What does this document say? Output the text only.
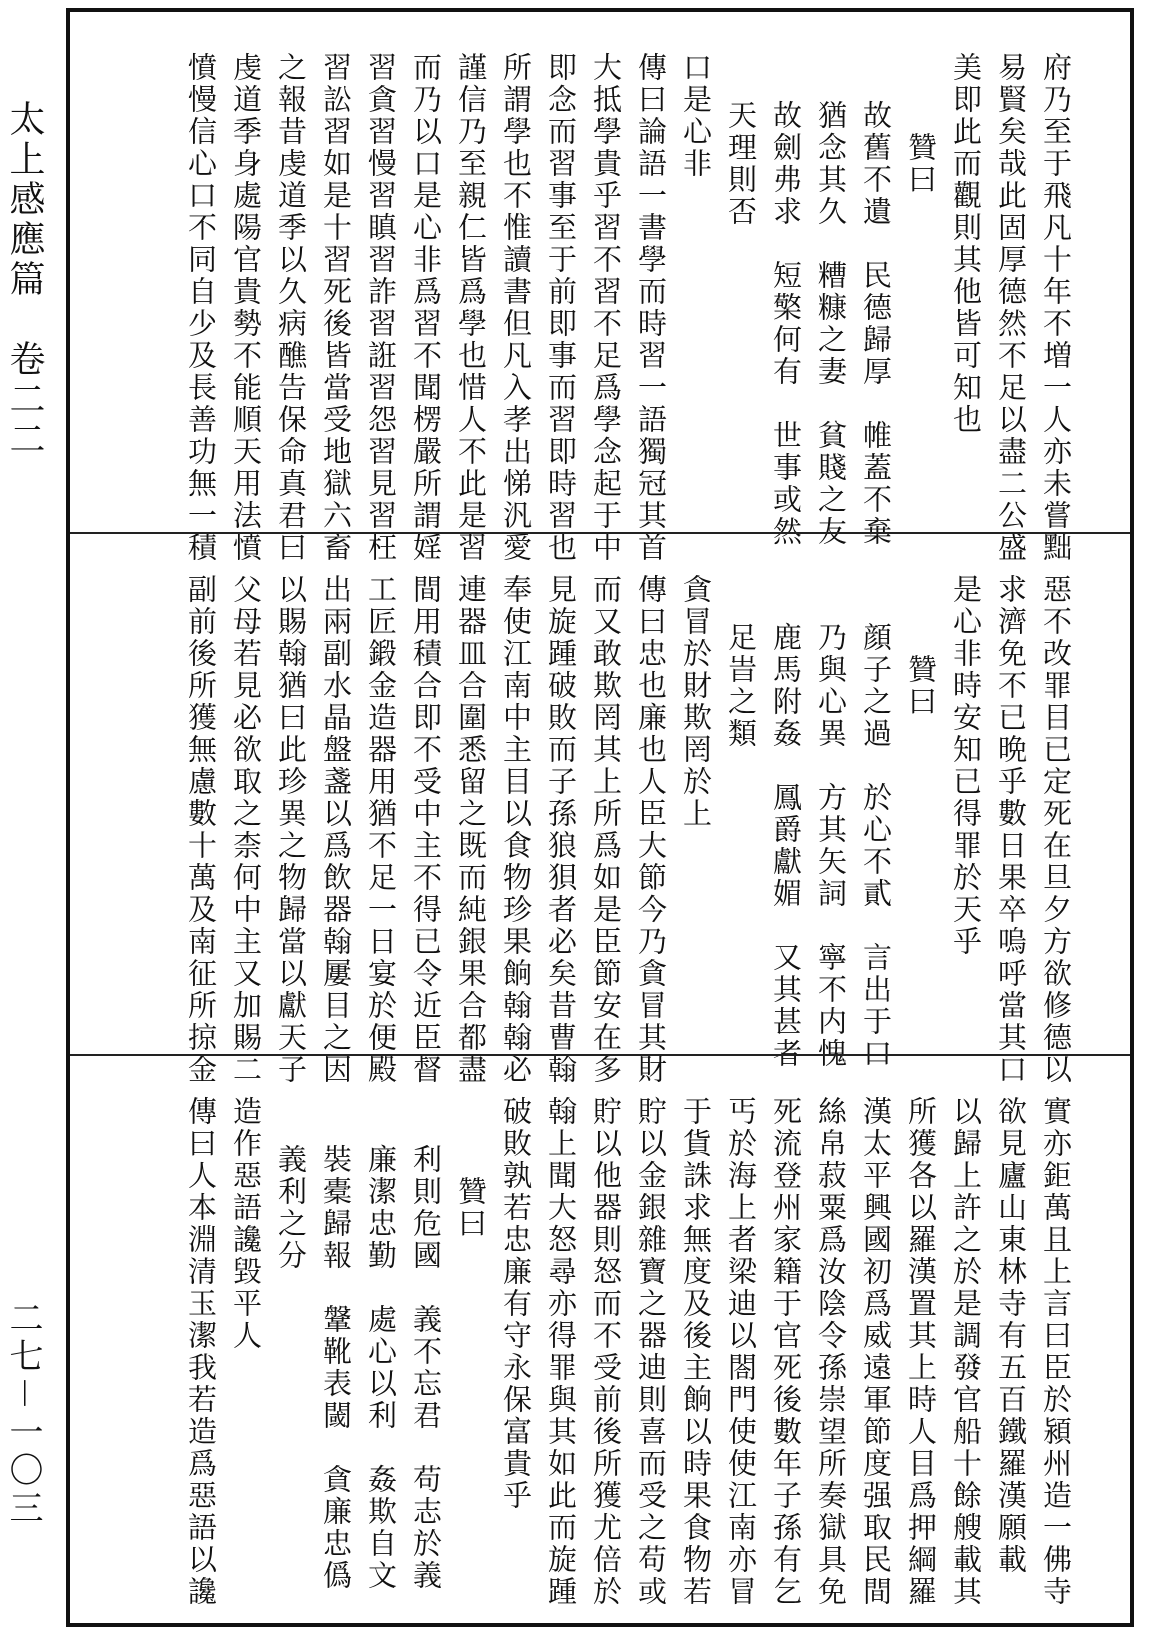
太上感應篇　卷二二
二七－一〇三
府乃至于飛凡十年不増一人亦未嘗黜
易賢矣哉此固厚德然不足以盡二公盛
美即此而觀則其他皆可知也
贊曰
故舊不遺　民德歸厚　帷蓋不棄
猶念其久　糟糠之妻　貧賤之友
故劍弗求　短檠何有　世事或然
天理則否
口是心非
傳曰論語一書學而時習一語獨冠其首
大抵學貴乎習不習不足爲學念起于中
即念而習事至于前即事而習即時習也
所謂學也不惟讀書但凡入孝出悌汎愛
謹信乃至親仁皆爲學也惜人不此是習
而乃以口是心非爲習不聞楞嚴所謂婬
習貪習慢習瞋習詐習誑習怨習見習枉
習訟習如是十習死後皆當受地獄六畜
之報昔虔道季以久病醮告保命真君曰
虔道季身處陽官貴勢不能順天用法憤
憤慢信心口不同自少及長善功無一積
惡不改罪目已定死在旦夕方欲修德以
求濟免不已晩乎數日果卒嗚呼當其口
是心非時安知已得罪於天乎
贊曰
顔子之過　於心不貳　言出于口
乃與心異　方其矢詞　寧不内愧
鹿馬附姦　鳳爵獻媚　又其甚者
足旹之類
貪冒於財欺罔於上
傳曰忠也廉也人臣大節今乃貪冒其財
而又敢欺罔其上所爲如是臣節安在多
見旋踵破敗而子孫狼狽者必矣昔曹翰
奉使江南中主目以食物珍果餉翰翰必
連器皿合圍悉留之既而純銀果合都盡
間用積合即不受中主不得已令近臣督
工匠鍛金造器用猶不足一日宴於便殿
出兩副水晶盤盞以爲飲器翰屢目之因
以賜翰猶曰此珍異之物歸當以獻天子
父母若見必欲取之柰何中主又加賜二
副前後所獲無慮數十萬及南征所掠金
實亦鉅萬且上言曰臣於潁州造一佛寺
欲見廬山東林寺有五百鐵羅漢願載
以歸上許之於是調發官船十餘艘載其
所獲各以羅漢置其上時人目爲押綱羅
漢太平興國初爲威遠軍節度强取民間
絲帛菽粟爲汝陰令孫崇望所奏獄具免
死流登州家籍于官死後數年子孫有乞
丐於海上者梁迪以閤門使使江南亦冒
于貨誅求無度及後主餉以時果食物若
貯以金銀雜寶之器迪則喜而受之苟或
貯以他器則怒而不受前後所獲尤倍於
翰上聞大怒尋亦得罪與其如此而旋踵
破敗孰若忠廉有守永保富貴乎
贊曰
利則危國　義不忘君　苟志於義
廉潔忠勤　處心以利　姦欺自文
裝橐歸報　鞶靴表閾　貪廉忠僞
義利之分
造作惡語讒毀平人
傳曰人本淵清玉潔我若造爲惡語以讒
